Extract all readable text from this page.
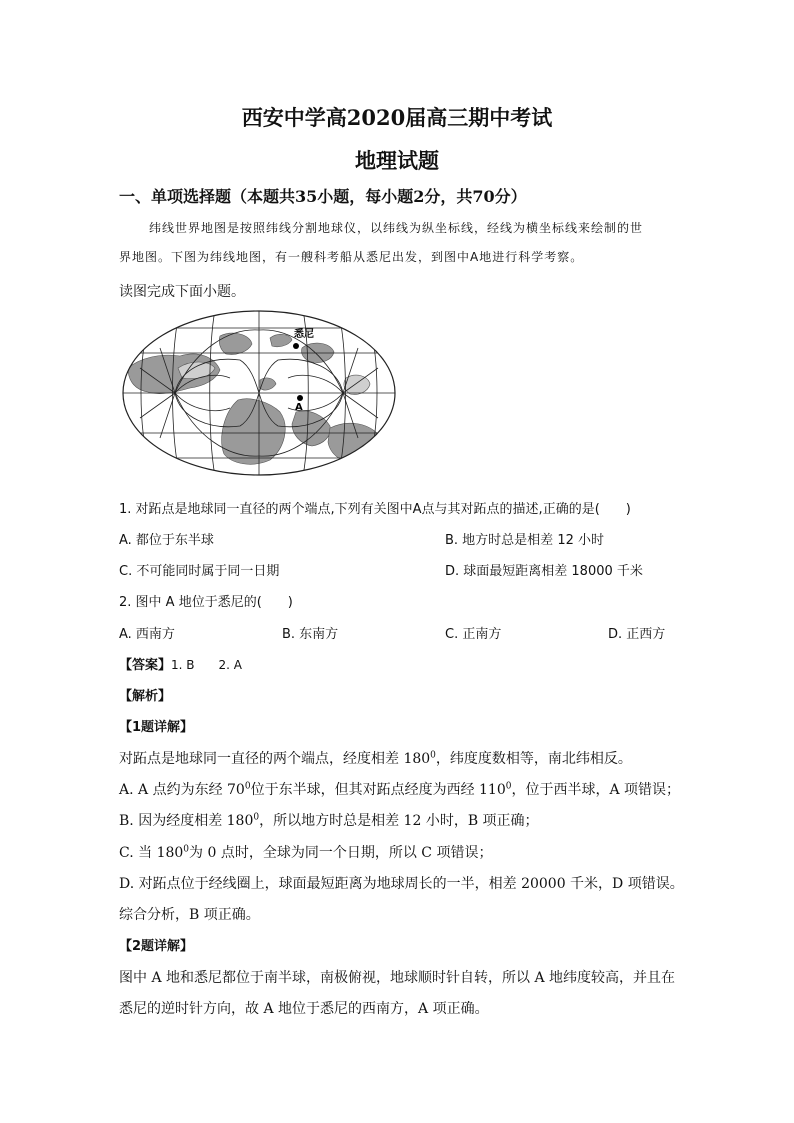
西安中学高2020届高三期中考试
地理试题
一、单项选择题（本题共35小题，每小题2分，共70分）
纬线世界地图是按照纬线分割地球仪，以纬线为纵坐标线，经线为横坐标线来绘制的世
界地图。下图为纬线地图，有一艘科考船从悉尼出发，到图中A地进行科学考察。
读图完成下面小题。
悉尼
A
1. 对跖点是地球同一直径的两个端点,下列有关图中A点与其对跖点的描述,正确的是(　　)
A. 都位于东半球	B. 地方时总是相差 12 小时
C. 不可能同时属于同一日期	D. 球面最短距离相差 18000 千米
2. 图中 A 地位于悉尼的(　　)
A. 西南方	B. 东南方	C. 正南方	D. 正西方
【答案】1. B　　2. A
【解析】
【1题详解】
对跖点是地球同一直径的两个端点，经度相差 $180^0$，纬度度数相等，南北纬相反。
A. A 点约为东经 $70^0$位于东半球，但其对跖点经度为西经 $110^0$，位于西半球，A 项错误；
B. 因为经度相差 $180^0$，所以地方时总是相差 12 小时，B 项正确；
C. 当 $180^0$为 0 点时，全球为同一个日期，所以 C 项错误；
D. 对跖点位于经线圈上，球面最短距离为地球周长的一半，相差 20000 千米，D 项错误。
综合分析，B 项正确。
【2题详解】
图中 A 地和悉尼都位于南半球，南极俯视，地球顺时针自转，所以 A 地纬度较高，并且在
悉尼的逆时针方向，故 A 地位于悉尼的西南方，A 项正确。
